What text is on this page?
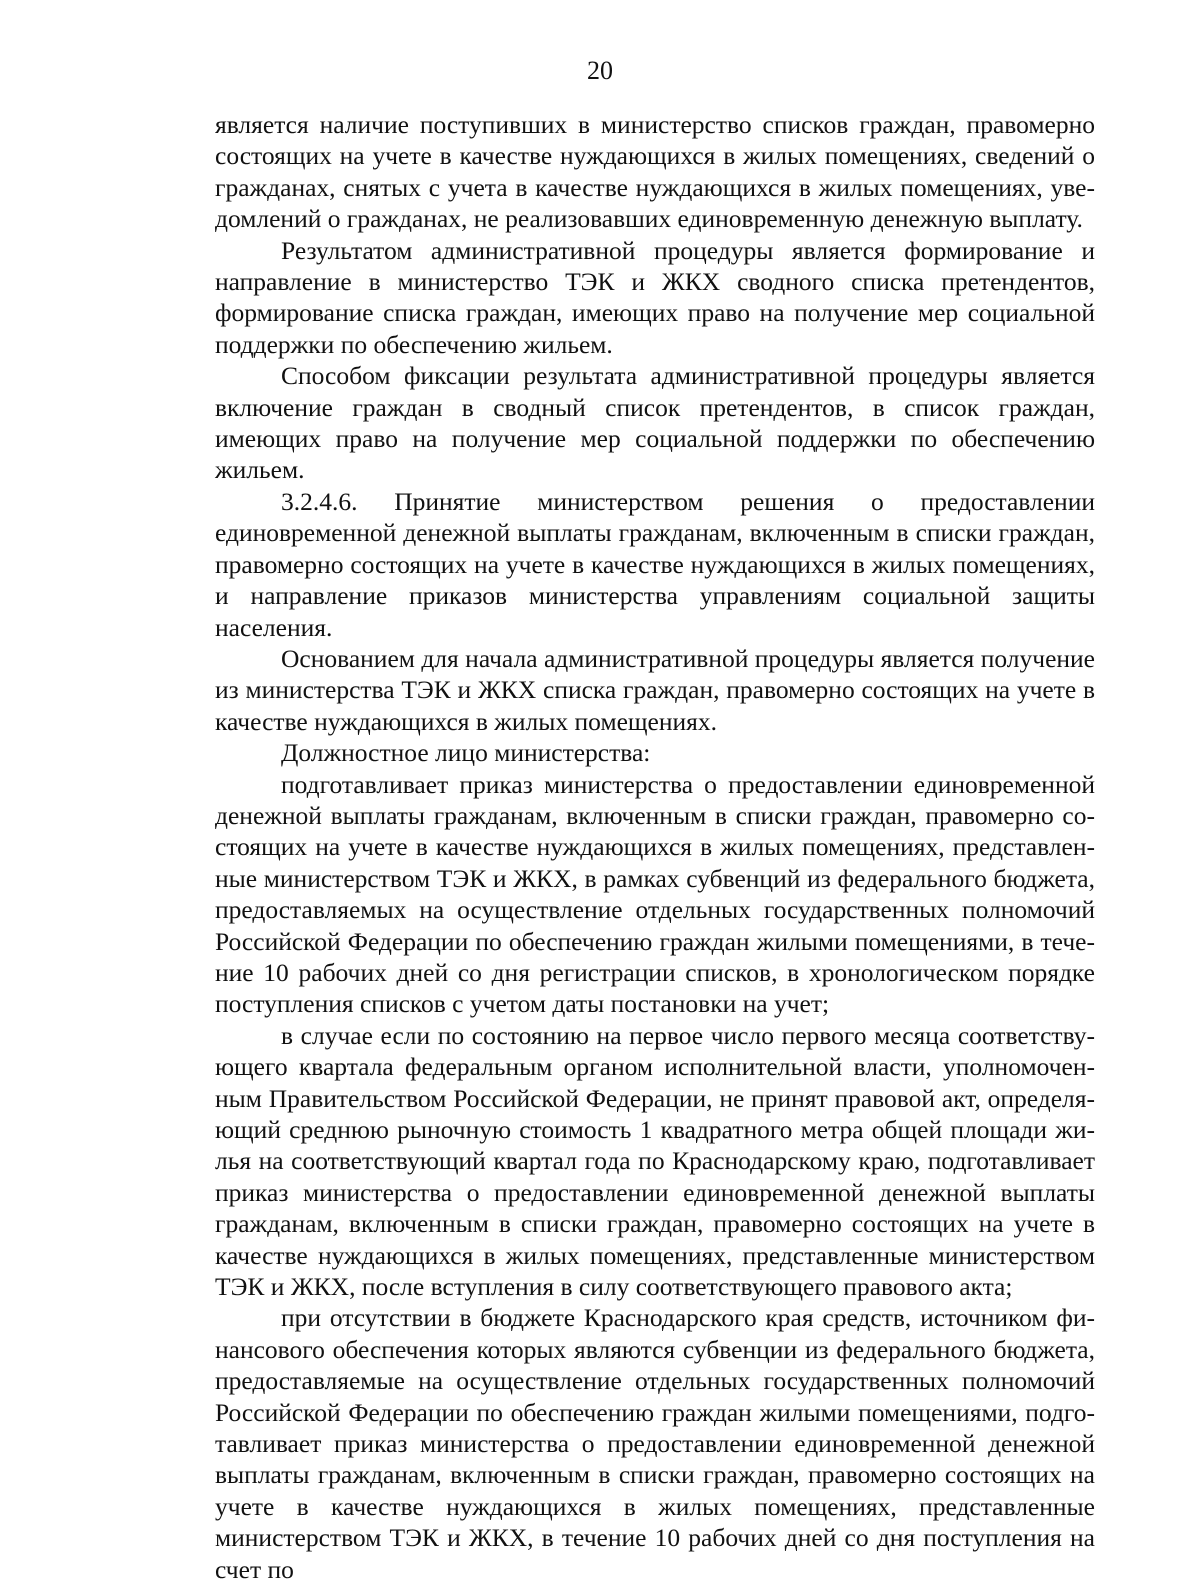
20

является наличие поступивших в министерство списков граждан, правомерно состоящих на учете в качестве нуждающихся в жилых помещениях, сведений о гражданах, снятых с учета в качестве нуждающихся в жилых помещениях, уведомлений о гражданах, не реализовавших единовременную денежную выплату.

Результатом административной процедуры является формирование и направление в министерство ТЭК и ЖКХ сводного списка претендентов, формирование списка граждан, имеющих право на получение мер социальной поддержки по обеспечению жильем.

Способом фиксации результата административной процедуры является включение граждан в сводный список претендентов, в список граждан, имеющих право на получение мер социальной поддержки по обеспечению жильем.

3.2.4.6. Принятие министерством решения о предоставлении единовременной денежной выплаты гражданам, включенным в списки граждан, правомерно состоящих на учете в качестве нуждающихся в жилых помещениях, и направление приказов министерства управлениям социальной защиты населения.

Основанием для начала административной процедуры является получение из министерства ТЭК и ЖКХ списка граждан, правомерно состоящих на учете в качестве нуждающихся в жилых помещениях.

Должностное лицо министерства:

подготавливает приказ министерства о предоставлении единовременной денежной выплаты гражданам, включенным в списки граждан, правомерно состоящих на учете в качестве нуждающихся в жилых помещениях, представленные министерством ТЭК и ЖКХ, в рамках субвенций из федерального бюджета, предоставляемых на осуществление отдельных государственных полномочий Российской Федерации по обеспечению граждан жилыми помещениями, в течение 10 рабочих дней со дня регистрации списков, в хронологическом порядке поступления списков с учетом даты постановки на учет;

в случае если по состоянию на первое число первого месяца соответствующего квартала федеральным органом исполнительной власти, уполномоченным Правительством Российской Федерации, не принят правовой акт, определяющий среднюю рыночную стоимость 1 квадратного метра общей площади жилья на соответствующий квартал года по Краснодарскому краю, подготавливает приказ министерства о предоставлении единовременной денежной выплаты гражданам, включенным в списки граждан, правомерно состоящих на учете в качестве нуждающихся в жилых помещениях, представленные министерством ТЭК и ЖКХ, после вступления в силу соответствующего правового акта;

при отсутствии в бюджете Краснодарского края средств, источником финансового обеспечения которых являются субвенции из федерального бюджета, предоставляемые на осуществление отдельных государственных полномочий Российской Федерации по обеспечению граждан жилыми помещениями, подготавливает приказ министерства о предоставлении единовременной денежной выплаты гражданам, включенным в списки граждан, правомерно состоящих на учете в качестве нуждающихся в жилых помещениях, представленные министерством ТЭК и ЖКХ, в течение 10 рабочих дней со дня поступления на счет по
